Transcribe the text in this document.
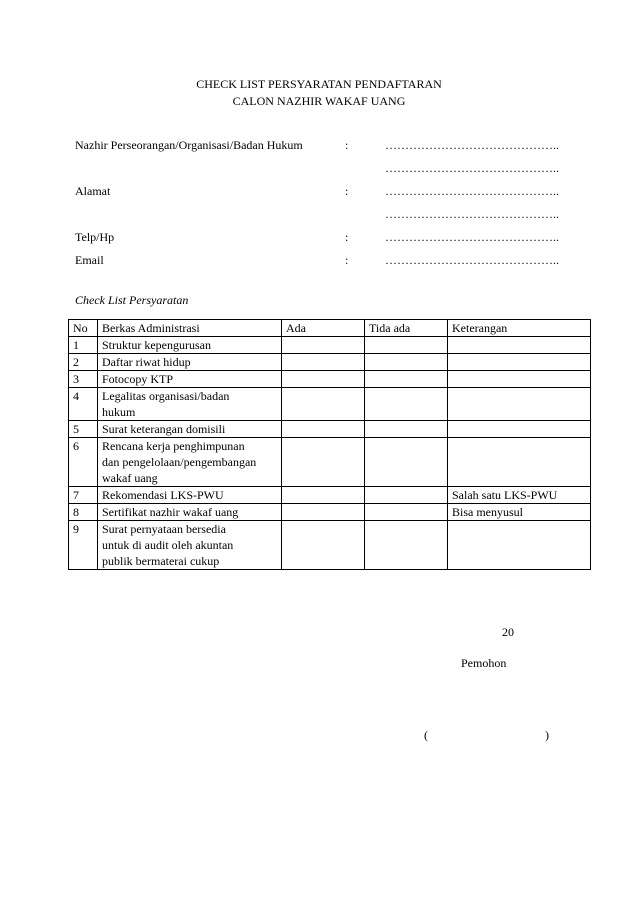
CHECK LIST PERSYARATAN PENDAFTARAN
CALON NAZHIR WAKAF UANG
Nazhir Perseorangan/Organisasi/Badan Hukum	:	……………………………………..
……………………………………..
Alamat	:	……………………………………..
……………………………………..
Telp/Hp	:	……………………………………..
Email	:	……………………………………..
Check List Persyaratan
No	Berkas Administrasi	Ada	Tida ada	Keterangan
1	Struktur kepengurusan			

2	Daftar riwat hidup			

3	Fotocopy KTP			

4	Legalitas organisasi/badan
hukum			

5	Surat keterangan domisili			

6	Rencana kerja penghimpunan
dan pengelolaan/pengembangan
wakaf uang			

7	Rekomendasi LKS-PWU			Salah satu LKS-PWU
8	Sertifikat nazhir wakaf uang			Bisa menyusul
9	Surat pernyataan bersedia
untuk di audit oleh akuntan
publik bermaterai cukup			

20
Pemohon
(	)
